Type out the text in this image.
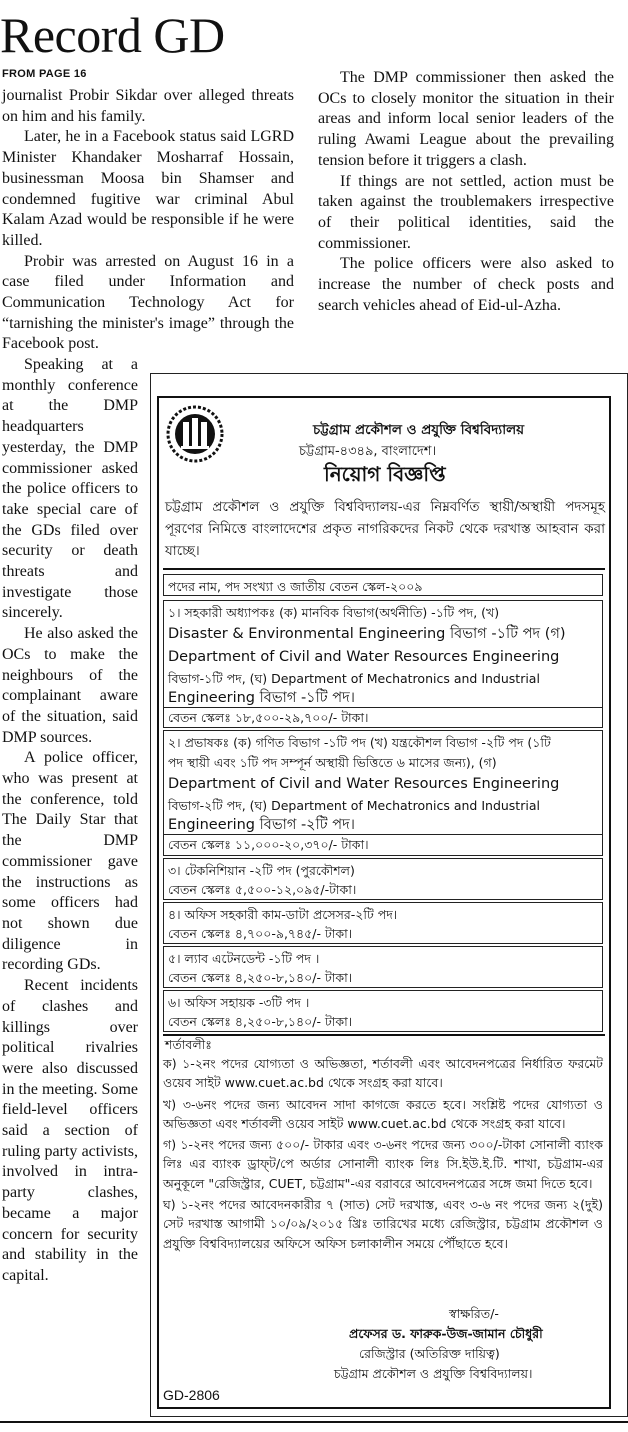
Record GD
FROM PAGE 16

journalist Probir Sikdar over alleged threats on him and his family.

Later, he in a Facebook status said LGRD Minister Khandaker Mosharraf Hossain, businessman Moosa bin Shamser and condemned fugitive war criminal Abul Kalam Azad would be responsible if he were killed.

Probir was arrested on August 16 in a case filed under Information and Communication Technology Act for “tarnishing the minister's image” through the Facebook post.

The DMP commissioner then asked the OCs to closely monitor the situation in their areas and inform local senior leaders of the ruling Awami League about the prevailing tension before it triggers a clash.

If things are not settled, action must be taken against the troublemakers irrespective of their political identities, said the commissioner.

The police officers were also asked to increase the number of check posts and search vehicles ahead of Eid-ul-Azha.

Speaking at a monthly conference at the DMP headquarters yesterday, the DMP commissioner asked the police officers to take special care of the GDs filed over security or death threats and investigate those sincerely.

He also asked the OCs to make the neighbours of the complainant aware of the situation, said DMP sources.

A police officer, who was present at the conference, told The Daily Star that the DMP commissioner gave the instructions as some officers had not shown due diligence in recording GDs.

Recent incidents of clashes and killings over political rivalries were also discussed in the meeting. Some field-level officers said a section of ruling party activists, involved in intra-party clashes, became a major concern for security and stability in the capital.

চট্টগ্রাম প্রকৌশল ও প্রযুক্তি বিশ্ববিদ্যালয়
চট্টগ্রাম-৪৩৪৯, বাংলাদেশ।
নিয়োগ বিজ্ঞপ্তি
চট্টগ্রাম প্রকৌশল ও প্রযুক্তি বিশ্ববিদ্যালয়-এর নিম্নবর্ণিত স্থায়ী/অস্থায়ী পদসমূহ পূরণের নিমিত্তে বাংলাদেশের প্রকৃত নাগরিকদের নিকট থেকে দরখাস্ত আহবান করা যাচ্ছে।
পদের নাম, পদ সংখ্যা ও জাতীয় বেতন স্কেল-২০০৯
১। সহকারী অধ্যাপকঃ (ক) মানবিক বিভাগ(অর্থনীতি) -১টি পদ, (খ)
Disaster & Environmental Engineering বিভাগ -১টি পদ (গ)
Department of Civil and Water Resources Engineering
বিভাগ-১টি পদ, (ঘ) Department of Mechatronics and Industrial
Engineering বিভাগ -১টি পদ।
বেতন স্কেলঃ ১৮,৫০০-২৯,৭০০/- টাকা।
২। প্রভাষকঃ (ক) গণিত বিভাগ -১টি পদ (খ) যন্ত্রকৌশল বিভাগ -২টি পদ (১টি
পদ স্থায়ী এবং ১টি পদ সম্পূর্ন অস্থায়ী ভিত্তিতে ৬ মাসের জন্য), (গ)
Department of Civil and Water Resources Engineering
বিভাগ-২টি পদ, (ঘ) Department of Mechatronics and Industrial
Engineering বিভাগ -২টি পদ।
বেতন স্কেলঃ ১১,০০০-২০,৩৭০/- টাকা।
৩। টেকনিশিয়ান -২টি পদ (পুরকৌশল)
বেতন স্কেলঃ ৫,৫০০-১২,০৯৫/-টাকা।
৪। অফিস সহকারী কাম-ডাটা প্রসেসর-২টি পদ।
বেতন স্কেলঃ ৪,৭০০-৯,৭৪৫/- টাকা।
৫। ল্যাব এটেনডেন্ট -১টি পদ ।
বেতন স্কেলঃ ৪,২৫০-৮,১৪০/- টাকা।
৬। অফিস সহায়ক -৩টি পদ ।
বেতন স্কেলঃ ৪,২৫০-৮,১৪০/- টাকা।
শর্তাবলীঃ

ক) ১-২নং পদের যোগ্যতা ও অভিজ্ঞতা, শর্তাবলী এবং আবেদনপত্রের নির্ধারিত ফরমেট ওয়েব সাইট www.cuet.ac.bd থেকে সংগ্রহ করা যাবে।

খ) ৩-৬নং পদের জন্য আবেদন সাদা কাগজে করতে হবে। সংশ্লিষ্ট পদের যোগ্যতা ও অভিজ্ঞতা এবং শর্তাবলী ওয়েব সাইট www.cuet.ac.bd থেকে সংগ্রহ করা যাবে।

গ) ১-২নং পদের জন্য ৫০০/- টাকার এবং ৩-৬নং পদের জন্য ৩০০/-টাকা সোনালী ব্যাংক লিঃ এর ব্যাংক ড্রাফ্‌ট/পে অর্ডার সোনালী ব্যাংক লিঃ সি.ইউ.ই.টি. শাখা, চট্টগ্রাম-এর অনুকূলে "রেজিস্ট্রার, CUET, চট্টগ্রাম"-এর বরাবরে আবেদনপত্রের সঙ্গে জমা দিতে হবে।

ঘ) ১-২নং পদের আবেদনকারীর ৭ (সাত) সেট দরখাস্ত, এবং ৩-৬ নং পদের জন্য ২(দুই) সেট দরখাস্ত আগামী ১০/০৯/২০১৫ খ্রিঃ তারিখের মধ্যে রেজিস্ট্রার, চট্টগ্রাম প্রকৌশল ও প্রযুক্তি বিশ্ববিদ্যালয়ের অফিসে অফিস চলাকালীন সময়ে পৌঁছাতে হবে।

স্বাক্ষরিত/-
প্রফেসর ড. ফারুক-উজ-জামান চৌধুরী
রেজিস্ট্রার (অতিরিক্ত দায়িত্ব)
চট্টগ্রাম প্রকৌশল ও প্রযুক্তি বিশ্ববিদ্যালয়।
GD-2806
